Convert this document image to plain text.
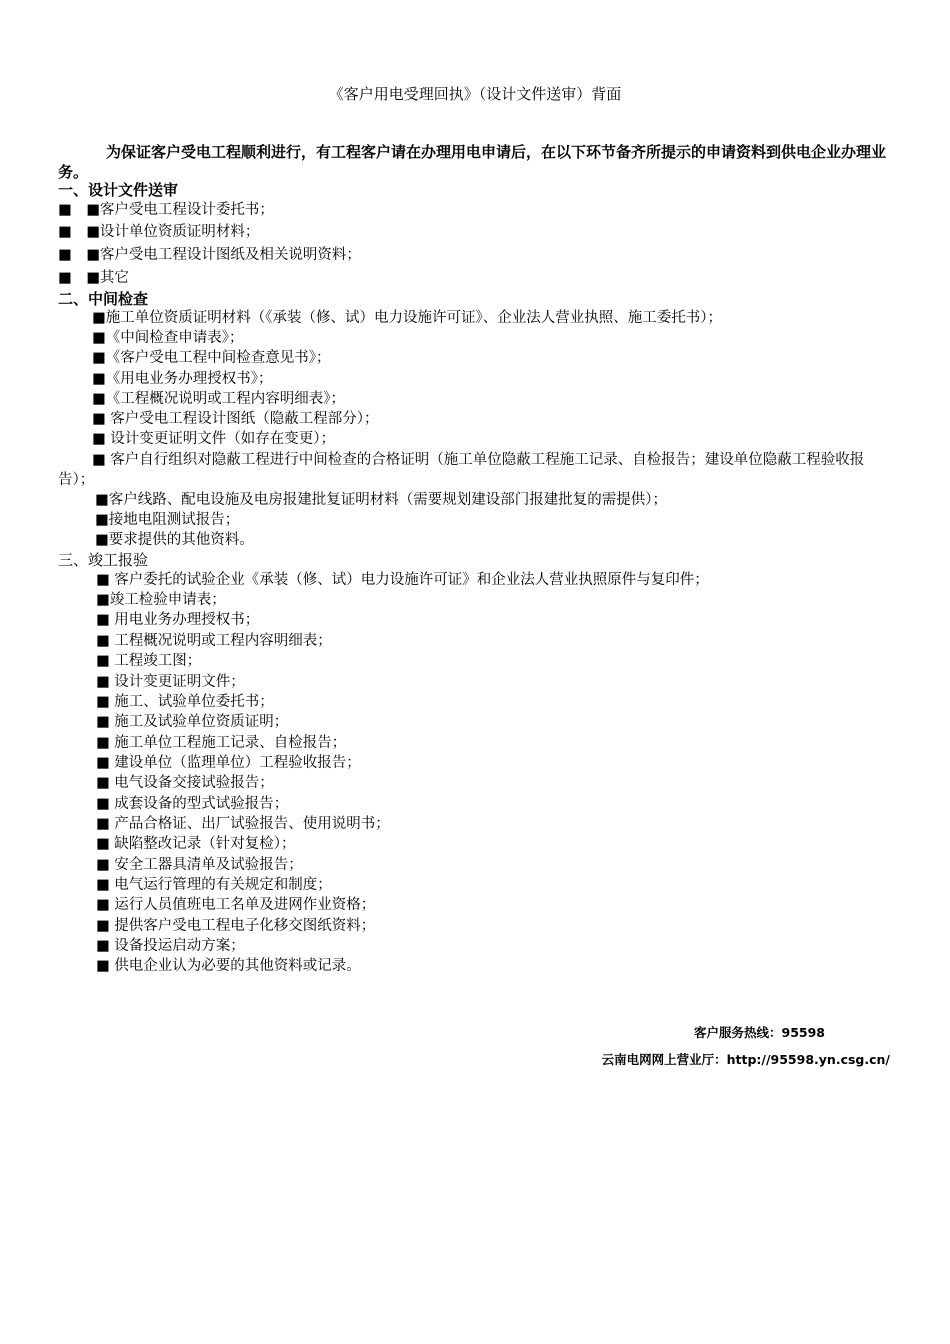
《客户用电受理回执》（设计文件送审）背面
为保证客户受电工程顺利进行，有工程客户请在办理用电申请后，在以下环节备齐所提示的申请资料到供电企业办理业务。
一、设计文件送审
■　■客户受电工程设计委托书；
■　■设计单位资质证明材料；
■　■客户受电工程设计图纸及相关说明资料；
■　■其它
二、中间检查
■施工单位资质证明材料（《承装（修、试）电力设施许可证》、企业法人营业执照、施工委托书）；
■《中间检查申请表》；
■《客户受电工程中间检查意见书》；
■《用电业务办理授权书》；
■《工程概况说明或工程内容明细表》；
■ 客户受电工程设计图纸（隐蔽工程部分）；
■ 设计变更证明文件（如存在变更）；
■ 客户自行组织对隐蔽工程进行中间检查的合格证明（施工单位隐蔽工程施工记录、自检报告；建设单位隐蔽工程验收报告）；
■客户线路、配电设施及电房报建批复证明材料（需要规划建设部门报建批复的需提供）；
■接地电阻测试报告；
■要求提供的其他资料。
三、竣工报验
■ 客户委托的试验企业《承装（修、试）电力设施许可证》和企业法人营业执照原件与复印件；
■竣工检验申请表；
■ 用电业务办理授权书；
■ 工程概况说明或工程内容明细表；
■ 工程竣工图；
■ 设计变更证明文件；
■ 施工、试验单位委托书；
■ 施工及试验单位资质证明；
■ 施工单位工程施工记录、自检报告；
■ 建设单位（监理单位）工程验收报告；
■ 电气设备交接试验报告；
■ 成套设备的型式试验报告；
■ 产品合格证、出厂试验报告、使用说明书；
■ 缺陷整改记录（针对复检）；
■ 安全工器具清单及试验报告；
■ 电气运行管理的有关规定和制度；
■ 运行人员值班电工名单及进网作业资格；
■ 提供客户受电工程电子化移交图纸资料；
■ 设备投运启动方案；
■ 供电企业认为必要的其他资料或记录。
客户服务热线：95598
云南电网网上营业厅：http://95598.yn.csg.cn/
